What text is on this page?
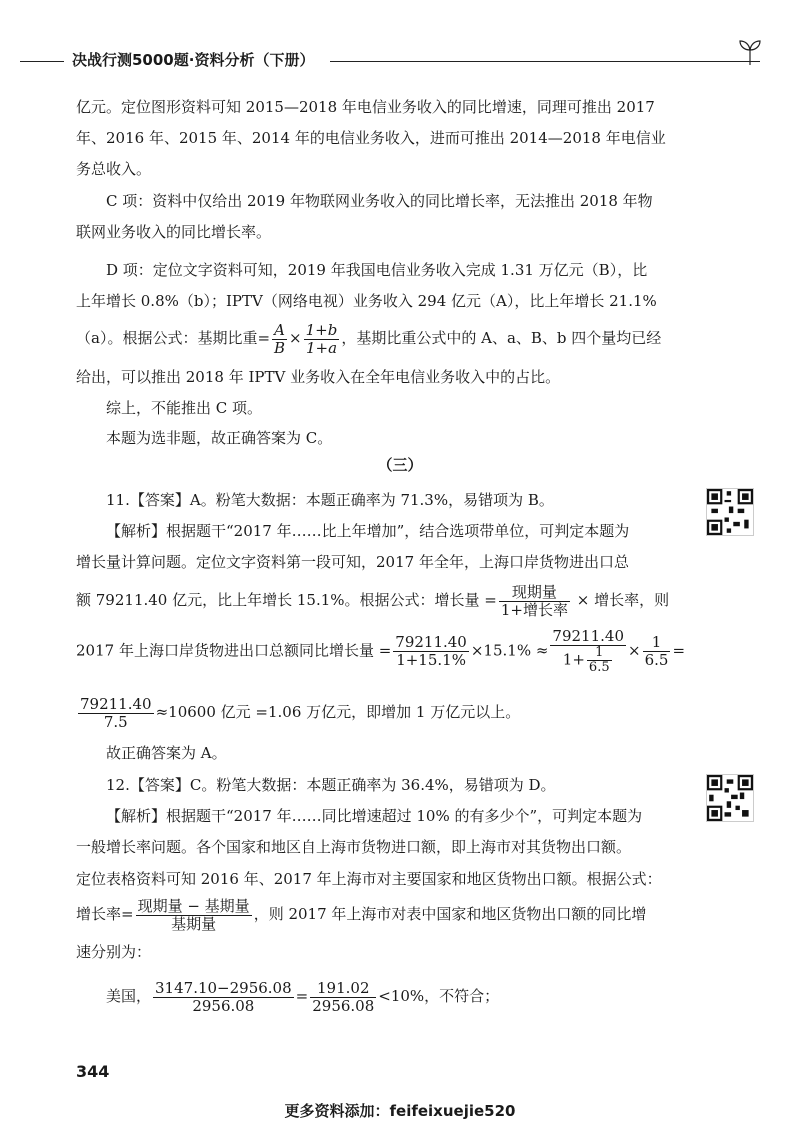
决战行测5000题·资料分析（下册）
亿元。定位图形资料可知 2015—2018 年电信业务收入的同比增速，同理可推出 2017
年、2016 年、2015 年、2014 年的电信业务收入，进而可推出 2014—2018 年电信业
务总收入。
C 项：资料中仅给出 2019 年物联网业务收入的同比增长率，无法推出 2018 年物
联网业务收入的同比增长率。
D 项：定位文字资料可知，2019 年我国电信业务收入完成 1.31 万亿元（B），比
上年增长 0.8%（b）；IPTV（网络电视）业务收入 294 亿元（A），比上年增长 21.1%
（a）。根据公式：基期比重= $\frac{A}{B} \times \frac{1+b}{1+a}$ ，基期比重公式中的 A、a、B、b 四个量均已经
给出，可以推出 2018 年 IPTV 业务收入在全年电信业务收入中的占比。
综上，不能推出 C 项。
本题为选非题，故正确答案为 C。
（三）
11.【答案】A。粉笔大数据：本题正确率为 71.3%，易错项为 B。
【解析】根据题干“2017 年……比上年增加”，结合选项带单位，可判定本题为
增长量计算问题。定位文字资料第一段可知，2017 年全年，上海口岸货物进出口总
额 79211.40 亿元，比上年增长 15.1%。根据公式：增长量 = $\frac{\text{现期量}}{\text{1+增长率}}$ × 增长率，则
2017 年上海口岸货物进出口总额同比增长量 = $\frac{79211.40}{1+15.1\%} \times 15.1\% \approx \frac{79211.40}{1+ \frac{1}{6.5}} \times \frac{1}{6.5}$ =
$\frac{79211.40}{7.5} \approx 10600$ 亿元 =1.06 万亿元，即增加 1 万亿元以上。
故正确答案为 A。
12.【答案】C。粉笔大数据：本题正确率为 36.4%，易错项为 D。
【解析】根据题干“2017 年……同比增速超过 10% 的有多少个”，可判定本题为
一般增长率问题。各个国家和地区自上海市货物进口额，即上海市对其货物出口额。
定位表格资料可知 2016 年、2017 年上海市对主要国家和地区货物出口额。根据公式：
增长率= $\frac{\text{现期量 − 基期量}}{\text{基期量}}$ ，则 2017 年上海市对表中国家和地区货物出口额的同比增
速分别为：
美国， $\frac{3147.10-2956.08}{2956.08} = \frac{191.02}{2956.08} <10\%$，不符合；
344
更多资料添加：feifeixuejie520
